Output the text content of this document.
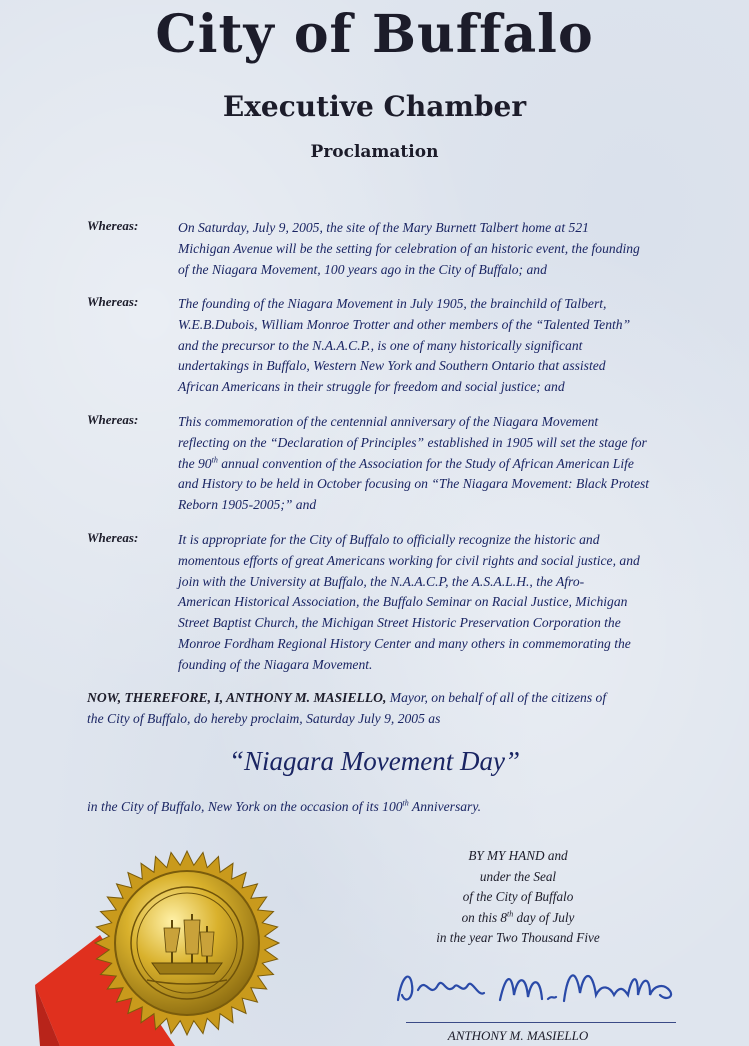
City of Buffalo
Executive Chamber
Proclamation
Whereas:	On Saturday, July 9, 2005, the site of the Mary Burnett Talbert home at 521
Michigan Avenue will be the setting for celebration of an historic event, the founding
of the Niagara Movement, 100 years ago in the City of Buffalo; and
Whereas:	The founding of the Niagara Movement in July 1905, the brainchild of Talbert,
W.E.B.Dubois, William Monroe Trotter and other members of the “Talented Tenth”
and the precursor to the N.A.A.C.P., is one of many historically significant
undertakings in Buffalo, Western New York and Southern Ontario that assisted
African Americans in their struggle for freedom and social justice; and
Whereas:	This commemoration of the centennial anniversary of the Niagara Movement
reflecting on the “Declaration of Principles” established in 1905 will set the stage for
the 90th annual convention of the Association for the Study of African American Life
and History to be held in October focusing on “The Niagara Movement: Black Protest
Reborn 1905-2005;” and
Whereas:	It is appropriate for the City of Buffalo to officially recognize the historic and
momentous efforts of great Americans working for civil rights and social justice, and
join with the University at Buffalo, the N.A.A.C.P, the A.S.A.L.H., the Afro-
American Historical Association, the Buffalo Seminar on Racial Justice, Michigan
Street Baptist Church, the Michigan Street Historic Preservation Corporation the
Monroe Fordham Regional History Center and many others in commemorating the
founding of the Niagara Movement.
NOW, THEREFORE, I, ANTHONY M. MASIELLO, Mayor, on behalf of all of the citizens of
the City of Buffalo, do hereby proclaim, Saturday July 9, 2005 as
“Niagara Movement Day”
in the City of Buffalo, New York on the occasion of its 100th Anniversary.
BY MY HAND and
under the Seal
of the City of Buffalo
on this 8th day of July
in the year Two Thousand Five
ANTHONY M. MASIELLO
